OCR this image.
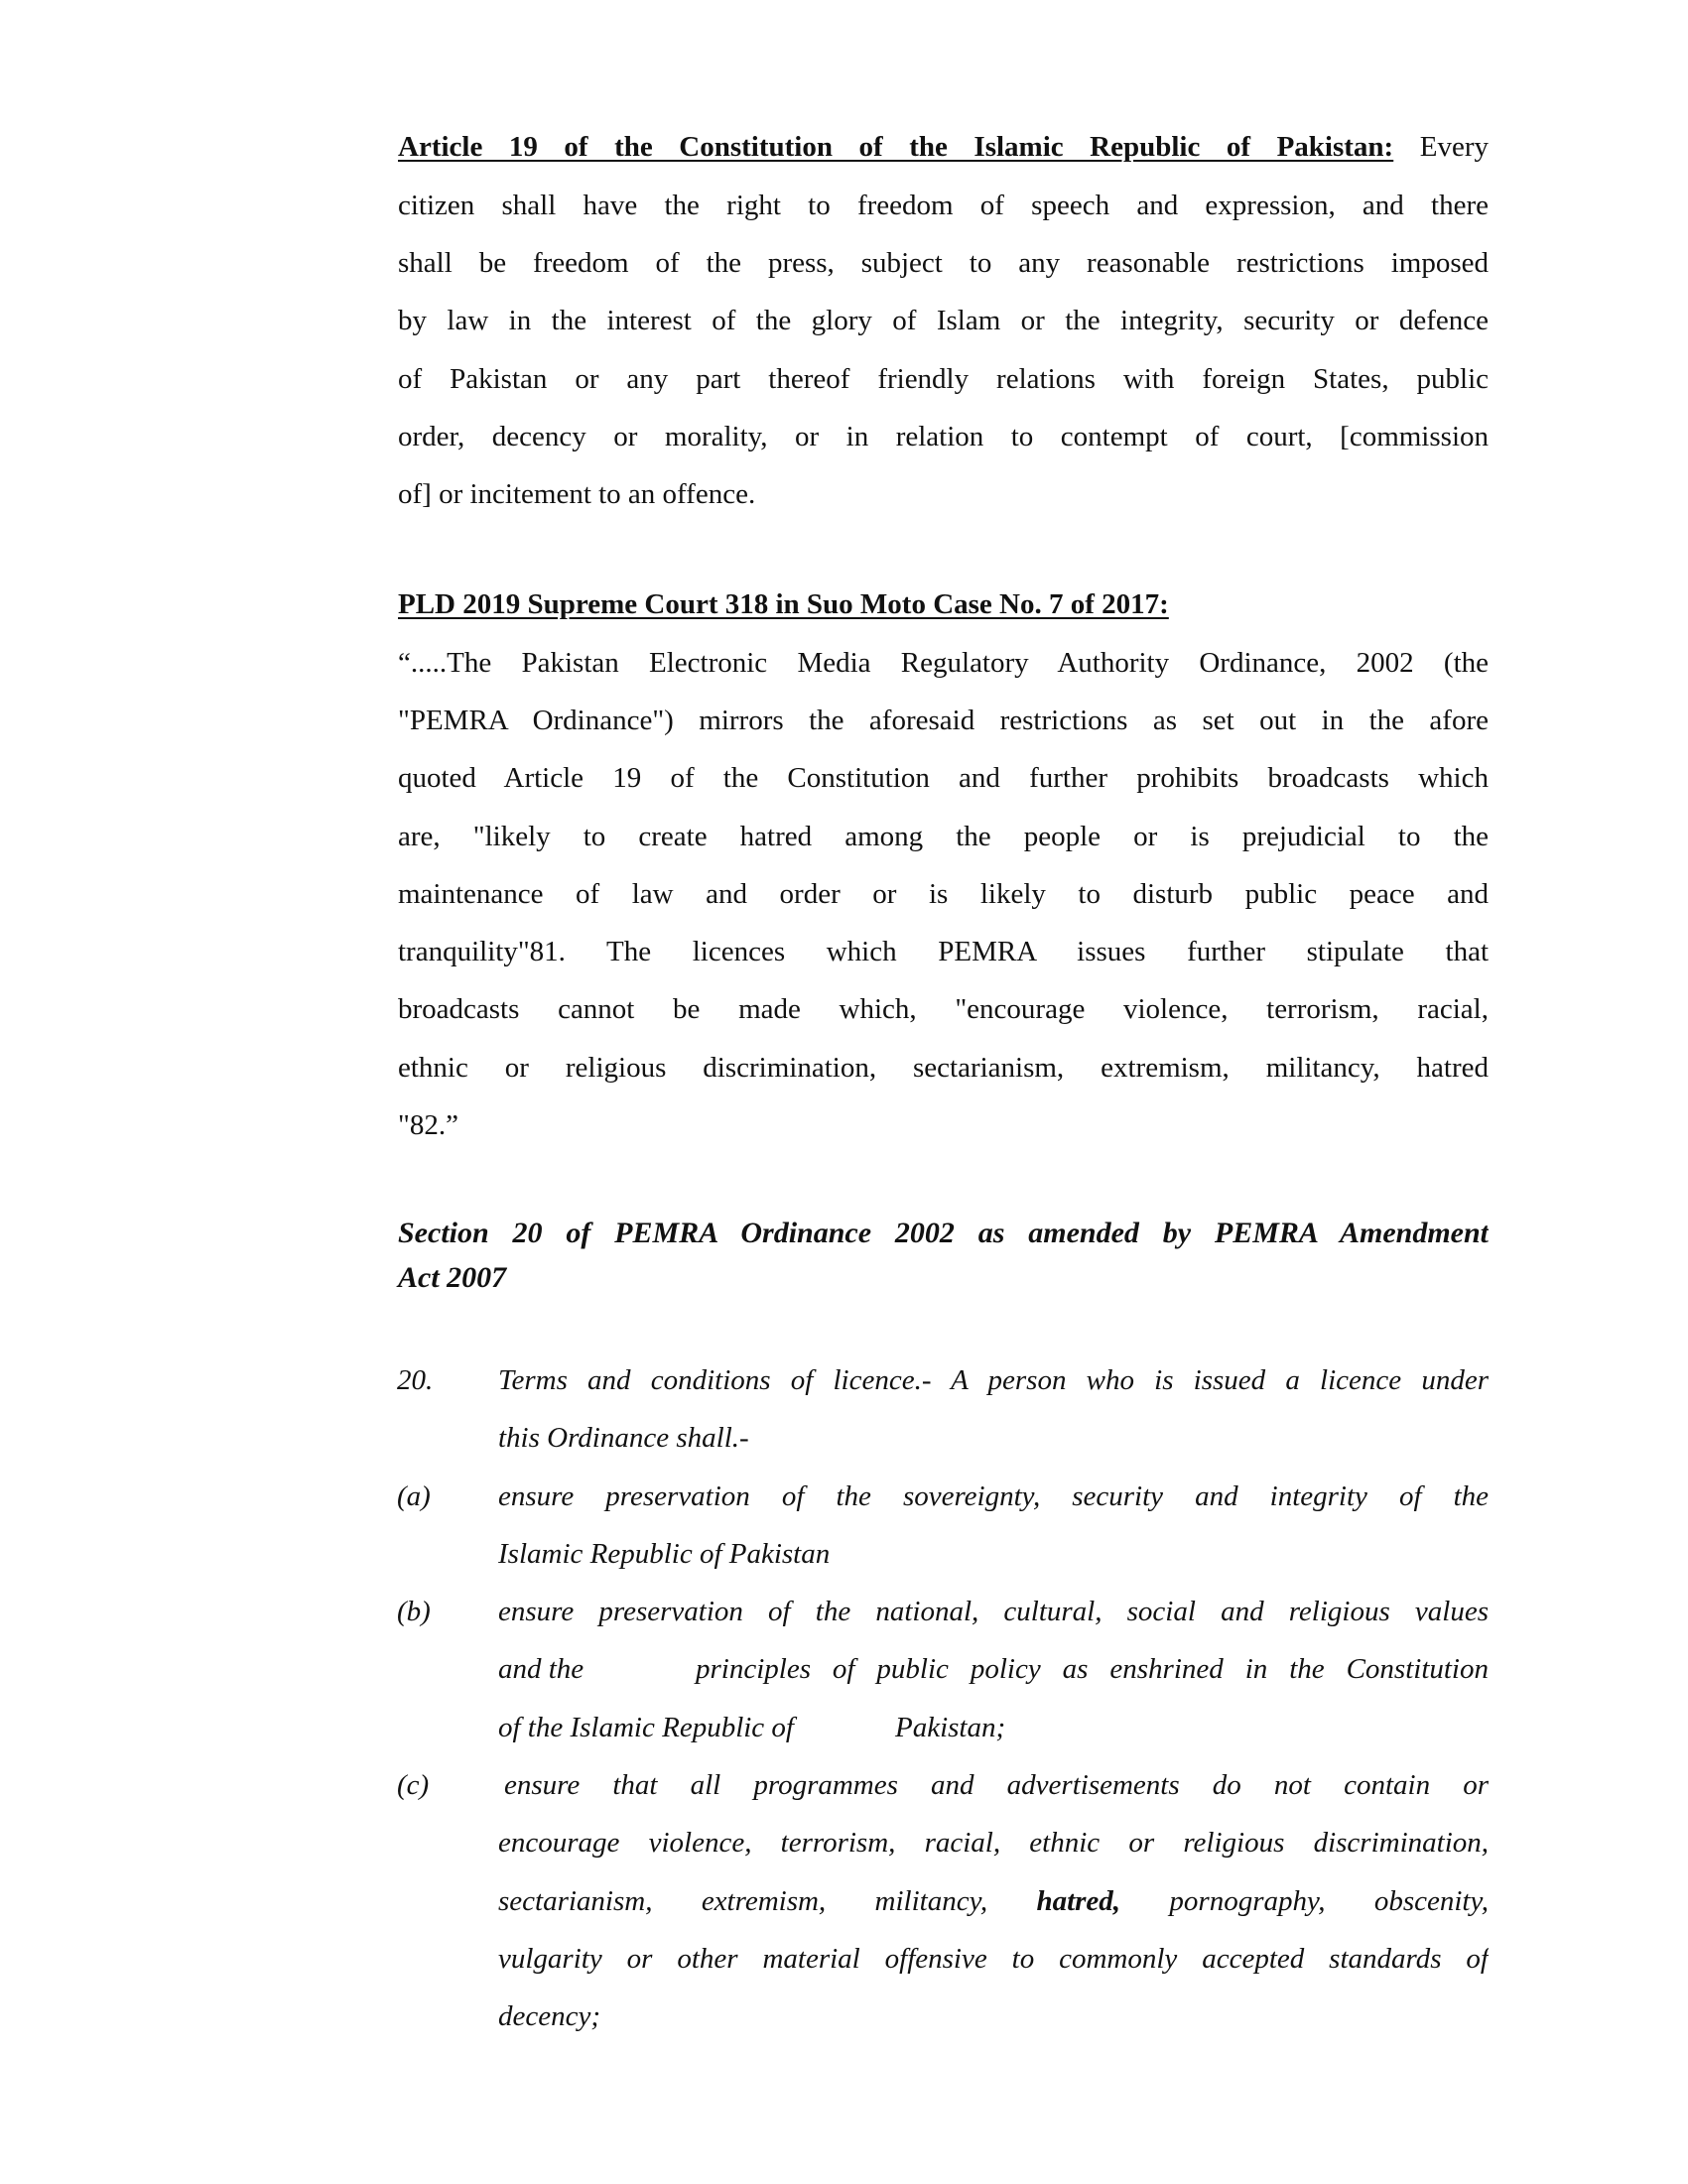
Article 19 of the Constitution of the Islamic Republic of Pakistan: Every
citizen shall have the right to freedom of speech and expression, and there
shall be freedom of the press, subject to any reasonable restrictions imposed
by law in the interest of the glory of Islam or the integrity, security or defence
of Pakistan or any part thereof friendly relations with foreign States, public
order, decency or morality, or in relation to contempt of court, [commission
of] or incitement to an offence.
PLD 2019 Supreme Court 318 in Suo Moto Case No. 7 of 2017:
“.....The Pakistan Electronic Media Regulatory Authority Ordinance, 2002 (the
"PEMRA Ordinance") mirrors the aforesaid restrictions as set out in the afore
quoted Article 19 of the Constitution and further prohibits broadcasts which
are, "likely to create hatred among the people or is prejudicial to the
maintenance of law and order or is likely to disturb public peace and
tranquility"81. The licences which PEMRA issues further stipulate that
broadcasts cannot be made which, "encourage violence, terrorism, racial,
ethnic or religious discrimination, sectarianism, extremism, militancy, hatred
"82.”
Section 20 of PEMRA Ordinance 2002 as amended by PEMRA Amendment
Act 2007
20.	Terms and conditions of licence.- A person who is issued a licence under
this Ordinance shall.-
(a)	ensure preservation of the sovereignty, security and integrity of the
Islamic Republic of Pakistan
(b)	ensure preservation of the national, cultural, social and religious values
and the	principles of public policy as enshrined in the Constitution
of the Islamic Republic of	Pakistan;
(c)	ensure that all programmes and advertisements do not contain or
encourage violence, terrorism, racial, ethnic or religious discrimination,
sectarianism, extremism, militancy, hatred, pornography, obscenity,
vulgarity or other material offensive to commonly accepted standards of
decency;
